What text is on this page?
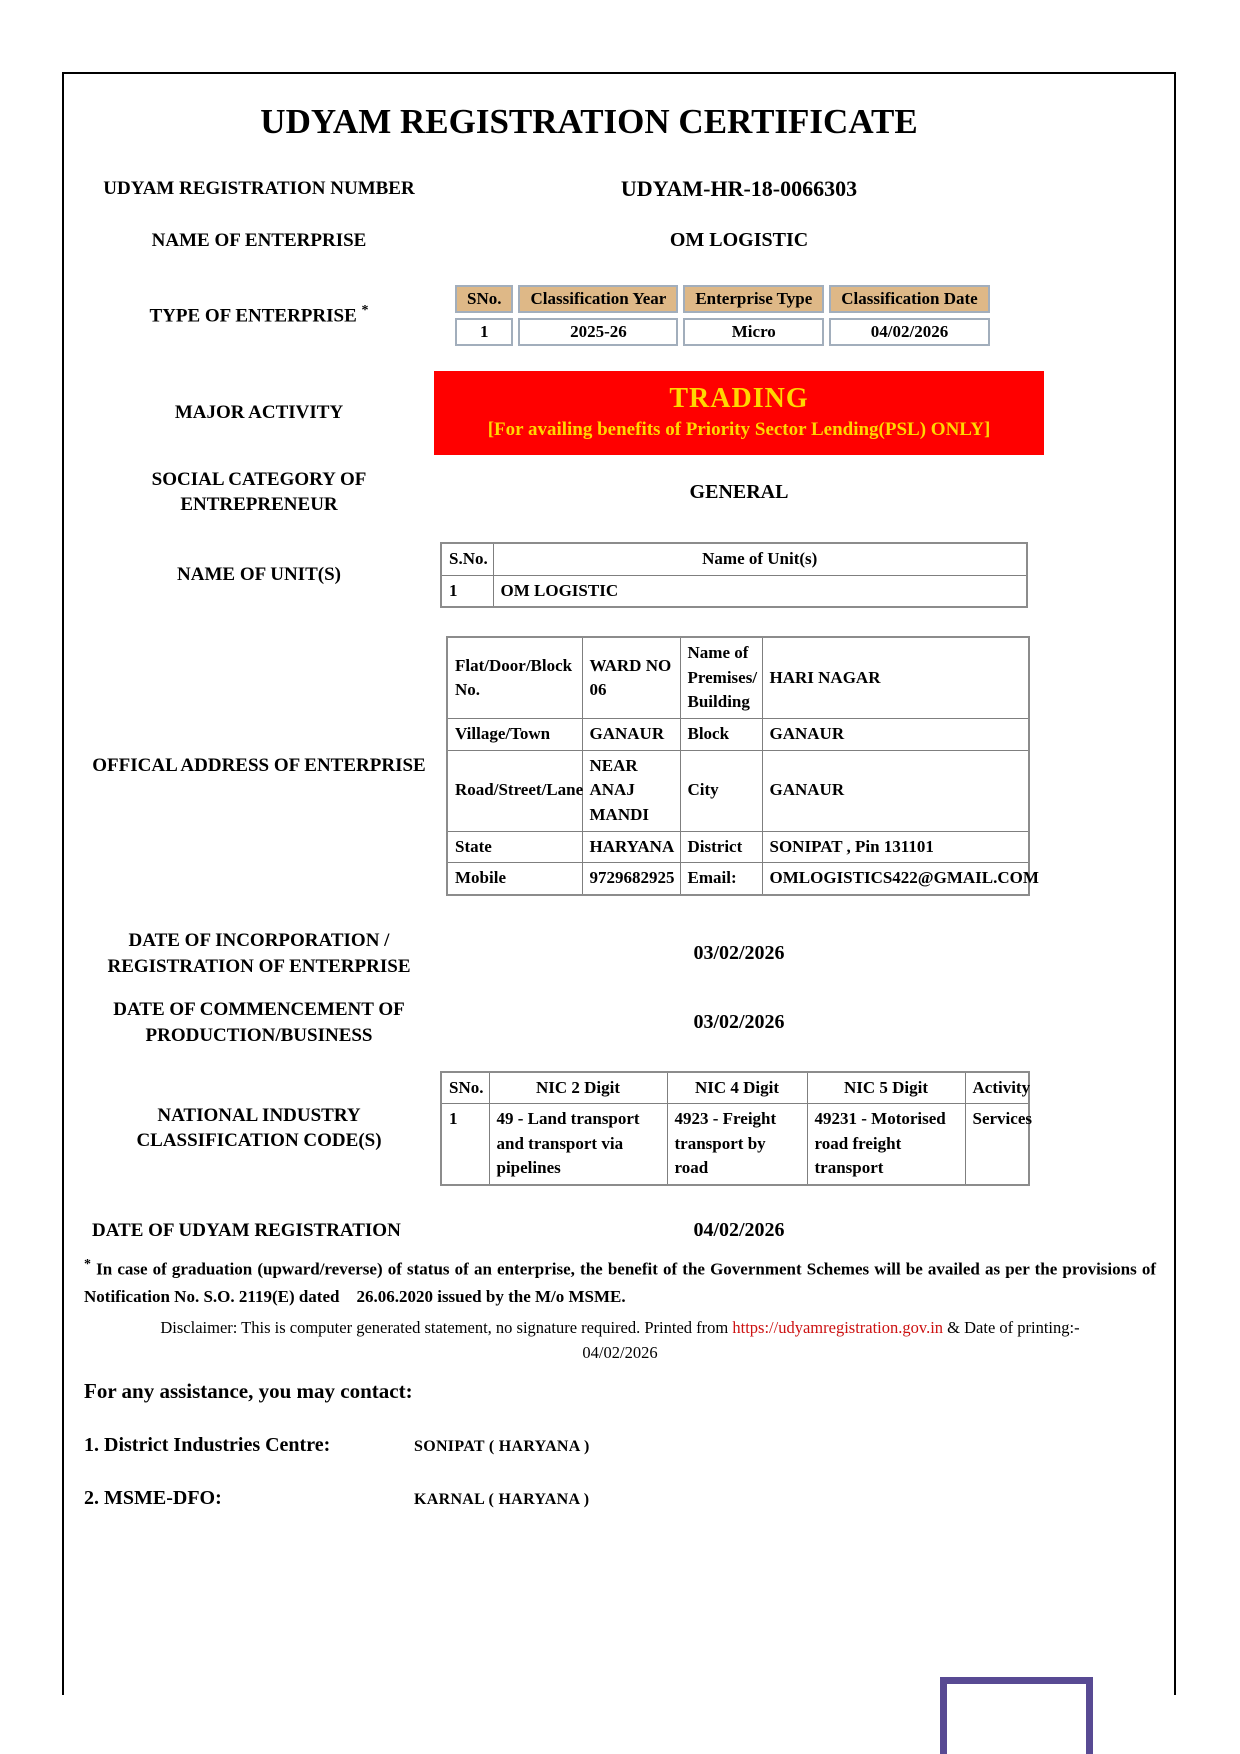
UDYAM REGISTRATION CERTIFICATE
UDYAM REGISTRATION NUMBER	UDYAM-HR-18-0066303
NAME OF ENTERPRISE	OM LOGISTIC
TYPE OF ENTERPRISE *
SNo.	Classification Year	Enterprise Type	Classification Date
1	2025-26	Micro	04/02/2026
MAJOR ACTIVITY	TRADING
[For availing benefits of Priority Sector Lending(PSL) ONLY]
SOCIAL CATEGORY OF ENTREPRENEUR
GENERAL
NAME OF UNIT(S)
S.No.	Name of Unit(s)
1	OM LOGISTIC
OFFICAL ADDRESS OF ENTERPRISE
Flat/Door/Block No.	WARD NO 06	Name of Premises/ Building	HARI NAGAR
Village/Town	GANAUR	Block	GANAUR
Road/Street/Lane	NEAR ANAJ MANDI	City	GANAUR
State	HARYANA	District	SONIPAT , Pin 131101
Mobile	9729682925	Email:	OMLOGISTICS422@GMAIL.COM
DATE OF INCORPORATION / REGISTRATION OF ENTERPRISE
03/02/2026
DATE OF COMMENCEMENT OF PRODUCTION/BUSINESS
03/02/2026
NATIONAL INDUSTRY CLASSIFICATION CODE(S)
SNo.	NIC 2 Digit	NIC 4 Digit	NIC 5 Digit	Activity
1	49 - Land transport and transport via pipelines	4923 - Freight transport by road	49231 - Motorised road freight transport	Services
DATE OF UDYAM REGISTRATION	04/02/2026
* In case of graduation (upward/reverse) of status of an enterprise, the benefit of the Government Schemes will be availed as per the provisions of Notification No. S.O. 2119(E) dated    26.06.2020 issued by the M/o MSME.
Disclaimer: This is computer generated statement, no signature required. Printed from https://udyamregistration.gov.in & Date of printing:-
04/02/2026
For any assistance, you may contact:
1. District Industries Centre:	SONIPAT ( HARYANA )
2. MSME-DFO:	KARNAL ( HARYANA )
